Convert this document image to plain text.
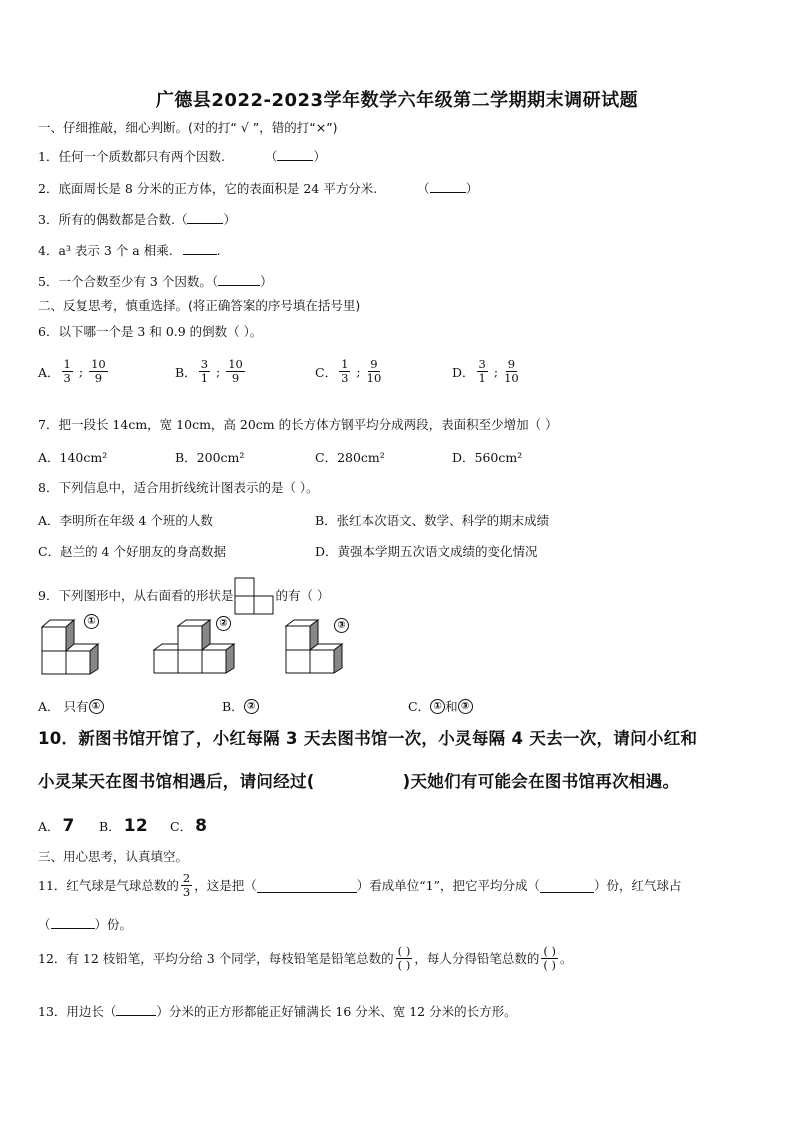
广德县2022-2023学年数学六年级第二学期期末调研试题
一、仔细推敲，细心判断。(对的打“ √ ”，错的打“×”)
1．任何一个质数都只有两个因数.	（	）
2．底面周长是 8 分米的正方体，它的表面积是 24 平方分米.	（	）
3．所有的偶数都是合数.（	）
4．a³ 表示 3 个 a 相乘.	.
5．一个合数至少有 3 个因数。（	）
二、反复思考，慎重选择。(将正确答案的序号填在括号里)
6．以下哪一个是 3 和 0.9 的倒数（ ）。
A． $\frac{1}{3}$ ; $\frac{10}{9}$	B． $\frac{3}{1}$ ; $\frac{10}{9}$	C． $\frac{1}{3}$ ; $\frac{9}{10}$	D． $\frac{3}{1}$ ; $\frac{9}{10}$
7．把一段长 14cm，宽 10cm，高 20cm 的长方体方钢平均分成两段，表面积至少增加（ ）
A．140cm²	B．200cm²	C．280cm²	D．560cm²
8．下列信息中，适合用折线统计图表示的是（ ）。
A．李明所在年级 4 个班的人数	B．张红本次语文、数学、科学的期末成绩
C．赵兰的 4 个好朋友的身高数据	D．黄强本学期五次语文成绩的变化情况
9．下列图形中，从右面看的形状是	的有（ ）
①	②	③
A． 只有 ①	B． ②	C． ① 和 ③
10．新图书馆开馆了，小红每隔 3 天去图书馆一次，小灵每隔 4 天去一次，请问小红和
小灵某天在图书馆相遇后，请问经过(	)天她们有可能会在图书馆再次相遇。
A． 7 B． 12 C． 8
三、用心思考，认真填空。
11．红气球是气球总数的 $\frac{2}{3}$ ，这是把（	）看成单位“1”，把它平均分成（	）份，红气球占
（	）份。
12．有 12 枝铅笔，平均分给 3 个同学，每枝铅笔是铅笔总数的 $\frac{( )}{( )}$ ，每人分得铅笔总数的 $\frac{( )}{( )}$ 。
13．用边长（	）分米的正方形都能正好铺满长 16 分米、宽 12 分米的长方形。
